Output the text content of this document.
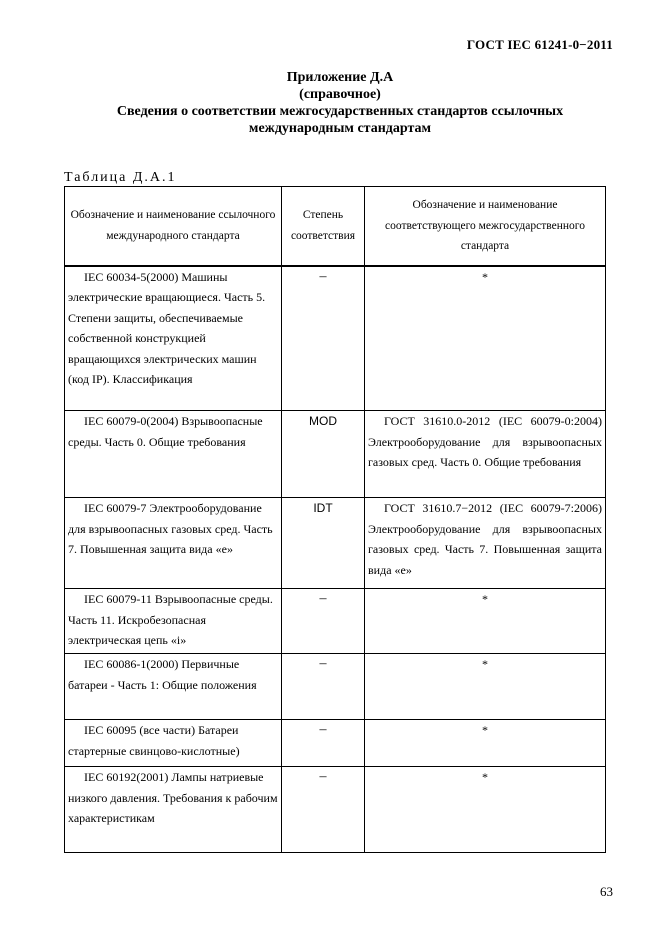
ГОСТ IEC 61241-0−2011
Приложение Д.А
(справочное)
Сведения о соответствии межгосударственных стандартов ссылочных
международным стандартам
Таблица Д.А.1
Обозначение и наименование ссылочного международного стандарта	Степень соответствия	Обозначение и наименование соответствующего межгосударственного стандарта

IEC 60034-5(2000) Машины электрические вращающиеся. Часть 5. Степени защиты, обеспечиваемые собственной конструкцией вращающихся электрических машин (код IP). Классификация	–	*
IEC 60079-0(2004) Взрывоопасные среды. Часть 0. Общие требования	MOD	ГОСТ 31610.0-2012 (IEC 60079-0:2004) Электрооборудование для взрывоопасных газовых сред. Часть 0. Общие требования
IEC 60079-7 Электрооборудование для взрывоопасных газовых сред. Часть 7. Повышенная защита вида «е»	IDT	ГОСТ 31610.7−2012 (IEC 60079-7:2006) Электрооборудование для взрывоопасных газовых сред. Часть 7. Повышенная защита вида «е»
IEC 60079-11 Взрывоопасные среды. Часть 11. Искробезопасная электрическая цепь «i»	–	*
IEC 60086-1(2000) Первичные батареи - Часть 1: Общие положения	–	*
IEC 60095 (все части) Батареи стартерные свинцово-кислотные)	–	*
IEC 60192(2001) Лампы натриевые низкого давления. Требования к рабочим характеристикам	–	*
63
